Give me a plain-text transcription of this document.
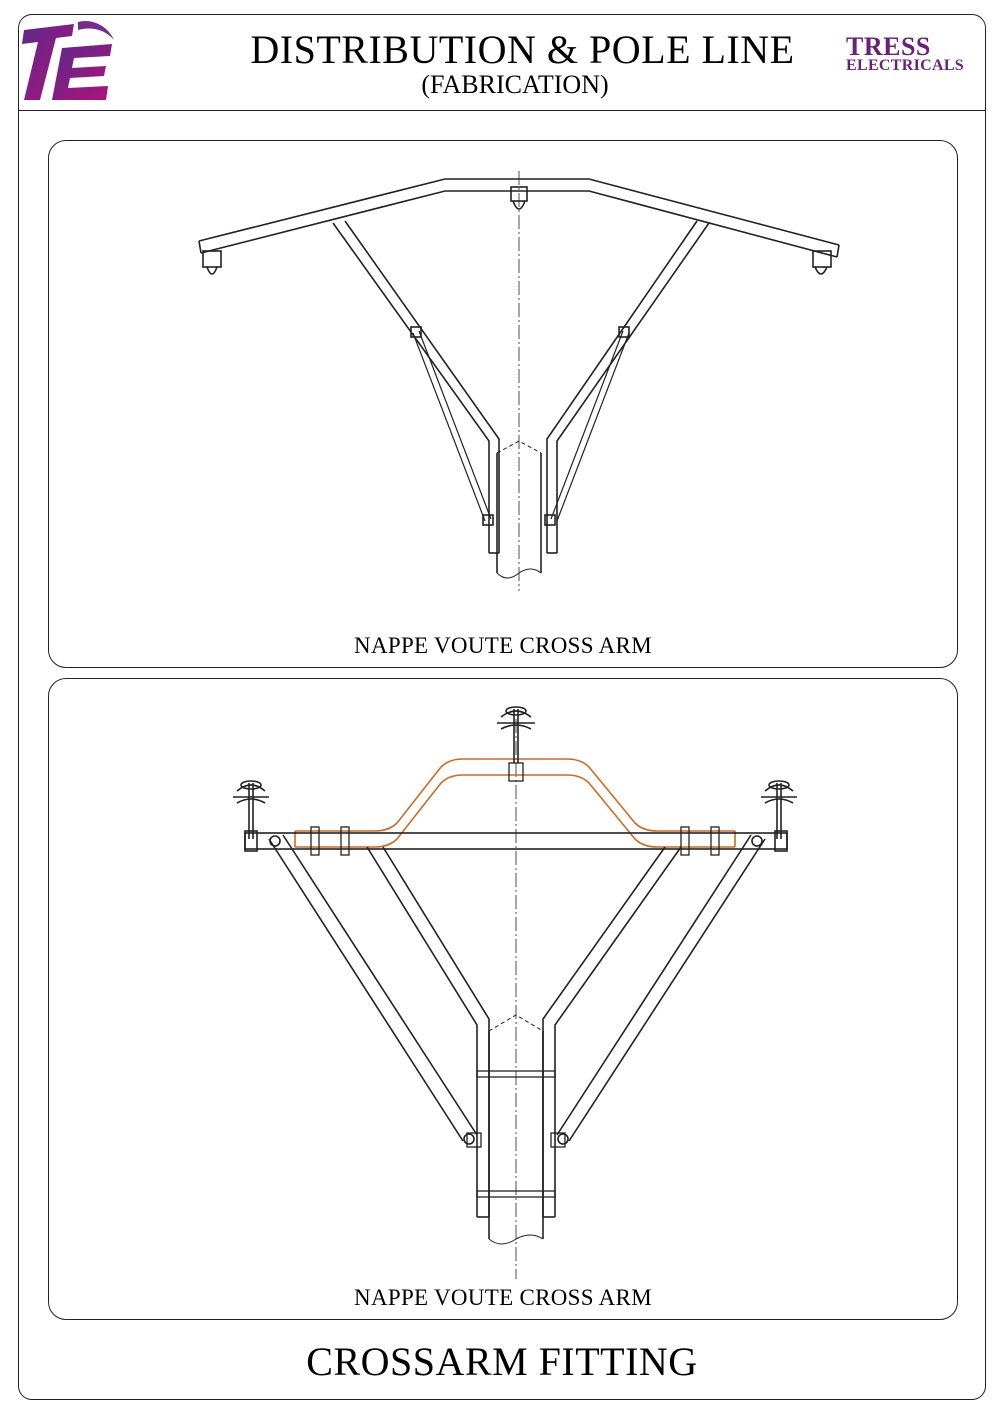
DISTRIBUTION & POLE LINE
(FABRICATION)
TRESS
ELECTRICALS
NAPPE VOUTE CROSS ARM
NAPPE VOUTE CROSS ARM
CROSSARM FITTING
